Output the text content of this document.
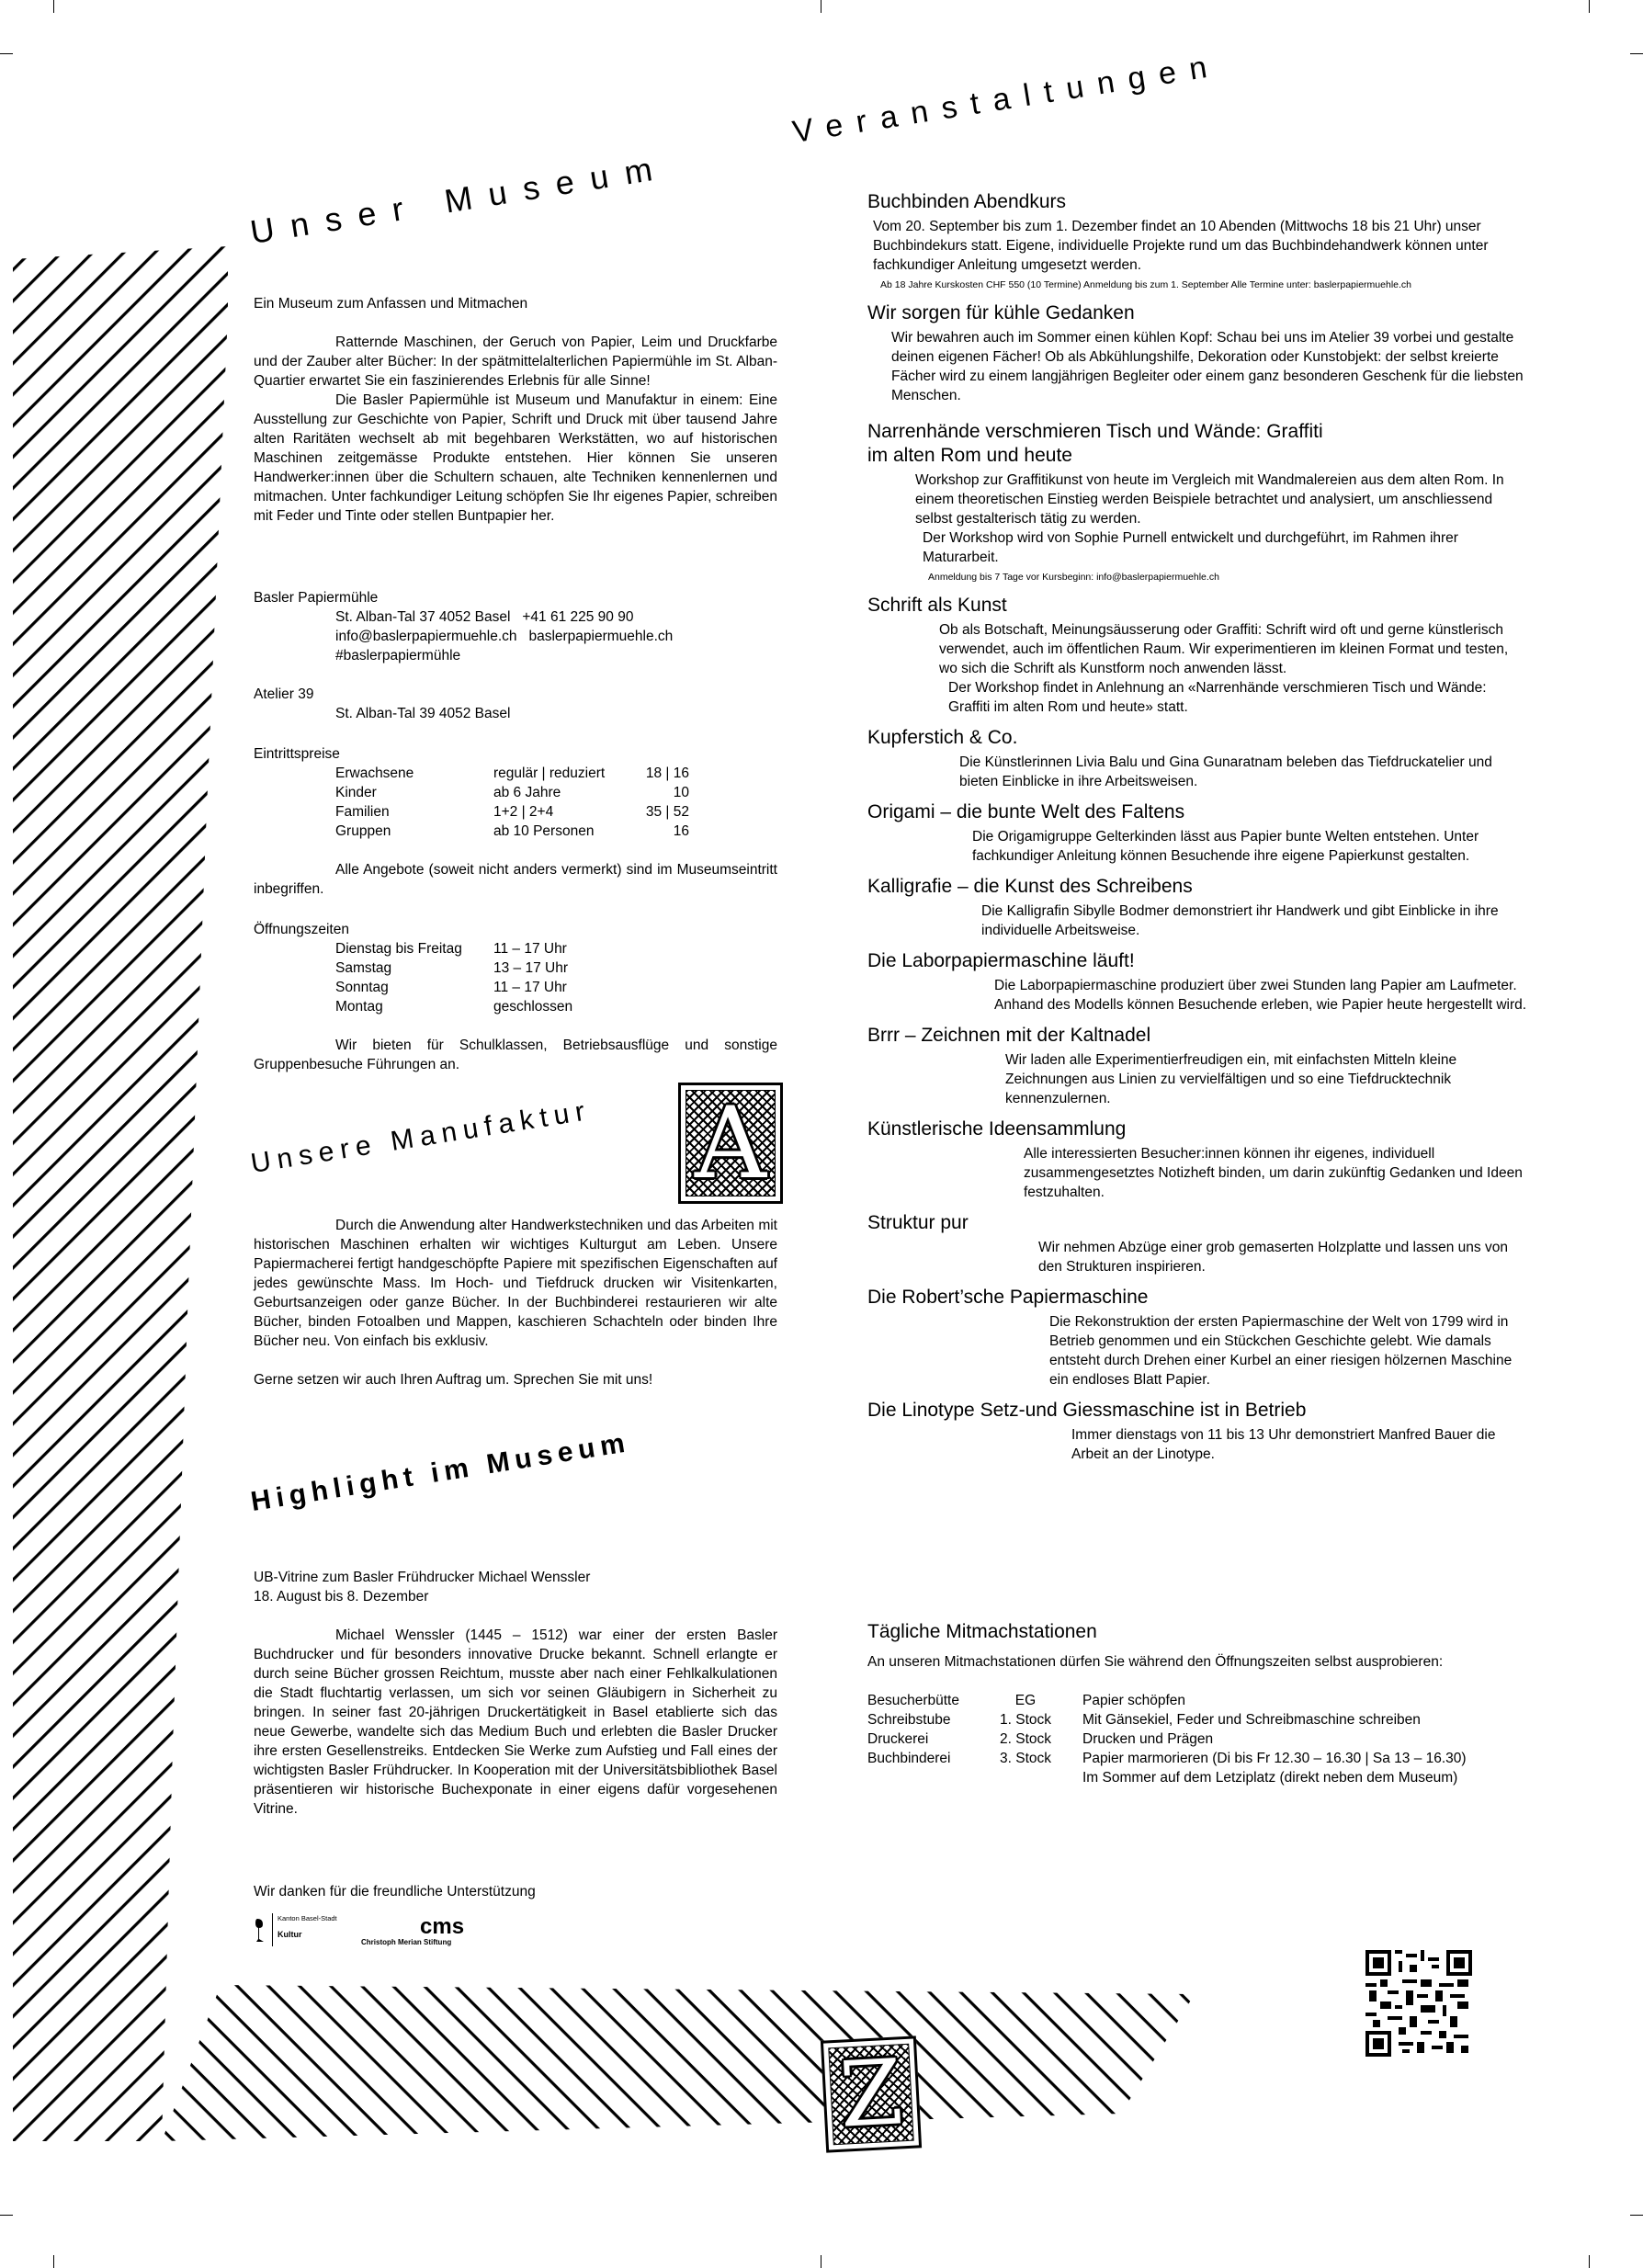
Unser Museum
Veranstaltungen
Unsere Manufaktur
Highlight im Museum

Ein Museum zum Anfassen und Mitmachen

Ratternde Maschinen, der Geruch von Papier, Leim und Druckfarbe und der Zauber alter Bücher: In der spätmittelalterlichen Papiermühle im St. Alban-Quartier erwartet Sie ein faszinierendes Erlebnis für alle Sinne!

Die Basler Papiermühle ist Museum und Manufaktur in einem: Eine Ausstellung zur Geschichte von Papier, Schrift und Druck mit über tausend Jahre alten Raritäten wechselt ab mit begehbaren Werkstätten, wo auf historischen Maschinen zeitgemässe Produkte entstehen. Hier können Sie unseren Handwerker:innen über die Schultern schauen, alte Techniken kennenlernen und mitmachen. Unter fachkundiger Leitung schöpfen Sie Ihr eigenes Papier, schreiben mit Feder und Tinte oder stellen Buntpapier her.

Basler Papiermühle
St. Alban-Tal 37 4052 Basel +41 61 225 90 90
info@baslerpapiermuehle.ch baslerpapiermuehle.ch
#baslerpapiermühle
Atelier 39
St. Alban-Tal 39 4052 Basel
Eintrittspreise
Erwachsene	regulär | reduziert	18 | 16
Kinder	ab 6 Jahre	10
Familien	1+2 | 2+4	35 | 52
Gruppen	ab 10 Personen	16

Alle Angebote (soweit nicht anders vermerkt) sind im Museumseintritt inbegriffen.

Öffnungszeiten
Dienstag bis Freitag	11 – 17 Uhr
Samstag	13 – 17 Uhr
Sonntag	11 – 17 Uhr
Montag	geschlossen

Wir bieten für Schulklassen, Betriebsausflüge und sonstige Gruppenbesuche Führungen an.

A

Durch die Anwendung alter Handwerkstechniken und das Arbeiten mit historischen Maschinen erhalten wir wichtiges Kulturgut am Leben. Unsere Papiermacherei fertigt handgeschöpfte Papiere mit spezifischen Eigenschaften auf jedes gewünschte Mass. Im Hoch- und Tiefdruck drucken wir Visitenkarten, Geburtsanzeigen oder ganze Bücher. In der Buchbinderei restaurieren wir alte Bücher, binden Fotoalben und Mappen, kaschieren Schachteln oder binden Ihre Bücher neu. Von einfach bis exklusiv.

Gerne setzen wir auch Ihren Auftrag um. Sprechen Sie mit uns!

UB-Vitrine zum Basler Frühdrucker Michael Wenssler
18. August bis 8. Dezember

Michael Wenssler (1445 – 1512) war einer der ersten Basler Buchdrucker und für besonders innovative Drucke bekannt. Schnell erlangte er durch seine Bücher grossen Reichtum, musste aber nach einer Fehlkalkulationen die Stadt fluchtartig verlassen, um sich vor seinen Gläubigern in Sicherheit zu bringen. In seiner fast 20-jährigen Druckertätigkeit in Basel etablierte sich das neue Gewerbe, wandelte sich das Medium Buch und erlebten die Basler Drucker ihre ersten Gesellenstreiks. Entdecken Sie Werke zum Aufstieg und Fall eines der wichtigsten Basler Frühdrucker. In Kooperation mit der Universitätsbibliothek Basel präsentieren wir historische Buchexponate in einer eigens dafür vorgesehenen Vitrine.

Wir danken für die freundliche Unterstützung
Kanton Basel-Stadt
Kultur	cms
Christoph Merian Stiftung
Buchbinden Abendkurs
Vom 20. September bis zum 1. Dezember findet an 10 Abenden (Mittwochs 18 bis 21 Uhr) unser Buchbindekurs statt. Eigene, individuelle Projekte rund um das Buchbindehandwerk können unter fachkundiger Anleitung umgesetzt werden.
Ab 18 Jahre Kurskosten CHF 550 (10 Termine) Anmeldung bis zum 1. September Alle Termine unter: baslerpapiermuehle.ch
Wir sorgen für kühle Gedanken
Wir bewahren auch im Sommer einen kühlen Kopf: Schau bei uns im Atelier 39 vorbei und gestalte deinen eigenen Fächer! Ob als Abkühlungshilfe, Dekoration oder Kunstobjekt: der selbst kreierte Fächer wird zu einem langjährigen Begleiter oder einem ganz besonderen Geschenk für die liebsten Menschen.
Narrenhände verschmieren Tisch und Wände: Graffiti im alten Rom und heute
Workshop zur Graffitikunst von heute im Vergleich mit Wandmalereien aus dem alten Rom. In einem theoretischen Einstieg werden Beispiele betrachtet und analysiert, um anschliessend selbst gestalterisch tätig zu werden.
Der Workshop wird von Sophie Purnell entwickelt und durchgeführt, im Rahmen ihrer Maturarbeit.
Anmeldung bis 7 Tage vor Kursbeginn: info@baslerpapiermuehle.ch
Schrift als Kunst
Ob als Botschaft, Meinungsäusserung oder Graffiti: Schrift wird oft und gerne künstlerisch verwendet, auch im öffentlichen Raum. Wir experimentieren im kleinen Format und testen, wo sich die Schrift als Kunstform noch anwenden lässt.
Der Workshop findet in Anlehnung an «Narrenhände verschmieren Tisch und Wände: Graffiti im alten Rom und heute» statt.
Kupferstich & Co.
Die Künstlerinnen Livia Balu und Gina Gunaratnam beleben das Tiefdruckatelier und bieten Einblicke in ihre Arbeitsweisen.
Origami – die bunte Welt des Faltens
Die Origamigruppe Gelterkinden lässt aus Papier bunte Welten entstehen. Unter fachkundiger Anleitung können Besuchende ihre eigene Papierkunst gestalten.
Kalligrafie – die Kunst des Schreibens
Die Kalligrafin Sibylle Bodmer demonstriert ihr Handwerk und gibt Einblicke in ihre individuelle Arbeitsweise.
Die Laborpapiermaschine läuft!
Die Laborpapiermaschine produziert über zwei Stunden lang Papier am Laufmeter. Anhand des Modells können Besuchende erleben, wie Papier heute hergestellt wird.
Brrr – Zeichnen mit der Kaltnadel
Wir laden alle Experimentierfreudigen ein, mit einfachsten Mitteln kleine Zeichnungen aus Linien zu vervielfältigen und so eine Tiefdrucktechnik kennenzulernen.
Künstlerische Ideensammlung
Alle interessierten Besucher:innen können ihr eigenes, individuell zusammengesetztes Notizheft binden, um darin zukünftig Gedanken und Ideen festzuhalten.
Struktur pur
Wir nehmen Abzüge einer grob gemaserten Holzplatte und lassen uns von den Strukturen inspirieren.
Die Robert’sche Papiermaschine
Die Rekonstruktion der ersten Papiermaschine der Welt von 1799 wird in Betrieb genommen und ein Stückchen Geschichte gelebt. Wie damals entsteht durch Drehen einer Kurbel an einer riesigen hölzernen Maschine ein endloses Blatt Papier.
Die Linotype Setz-und Giessmaschine ist in Betrieb
Immer dienstags von 11 bis 13 Uhr demonstriert Manfred Bauer die Arbeit an der Linotype.
Tägliche Mitmachstationen
An unseren Mitmachstationen dürfen Sie während den Öffnungszeiten selbst ausprobieren:
Besucherbütte	EG	Papier schöpfen
Schreibstube	1. Stock	Mit Gänsekiel, Feder und Schreibmaschine schreiben
Druckerei	2. Stock	Drucken und Prägen
Buchbinderei	3. Stock	Papier marmorieren (Di bis Fr 12.30 – 16.30 | Sa 13 – 16.30)
		Im Sommer auf dem Letziplatz (direkt neben dem Museum)
Z
